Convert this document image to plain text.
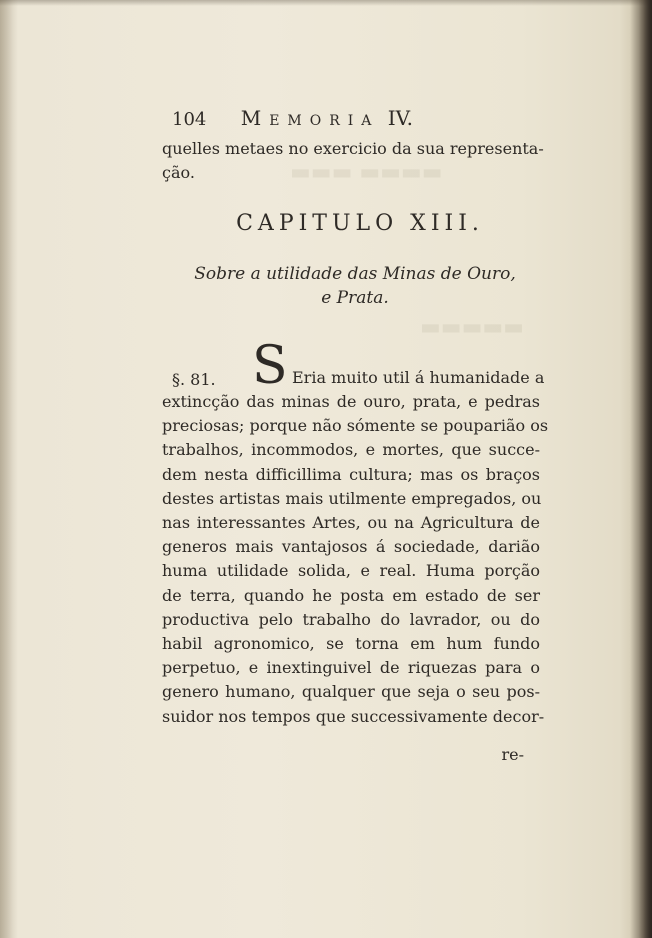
▬▬▬ ▬▬▬▬
▬▬▬▬▬
104 Memoria IV.
quelles metaes no exercicio da sua representa-
ção.
CAPITULO XIII.
Sobre a utilidade das Minas de Ouro,
e Prata.
§. 81. S Eria muito util á humanidade a
extincção das minas de ouro, prata, e pedras
preciosas; porque não sómente se pouparião os
trabalhos, incommodos, e mortes, que succe-
dem nesta difficillima cultura; mas os braços
destes artistas mais utilmente empregados, ou
nas interessantes Artes, ou na Agricultura de
generos mais vantajosos á sociedade, darião
huma utilidade solida, e real. Huma porção
de terra, quando he posta em estado de ser
productiva pelo trabalho do lavrador, ou do
habil agronomico, se torna em hum fundo
perpetuo, e inextinguivel de riquezas para o
genero humano, qualquer que seja o seu pos-
suidor nos tempos que successivamente decor-
re-
